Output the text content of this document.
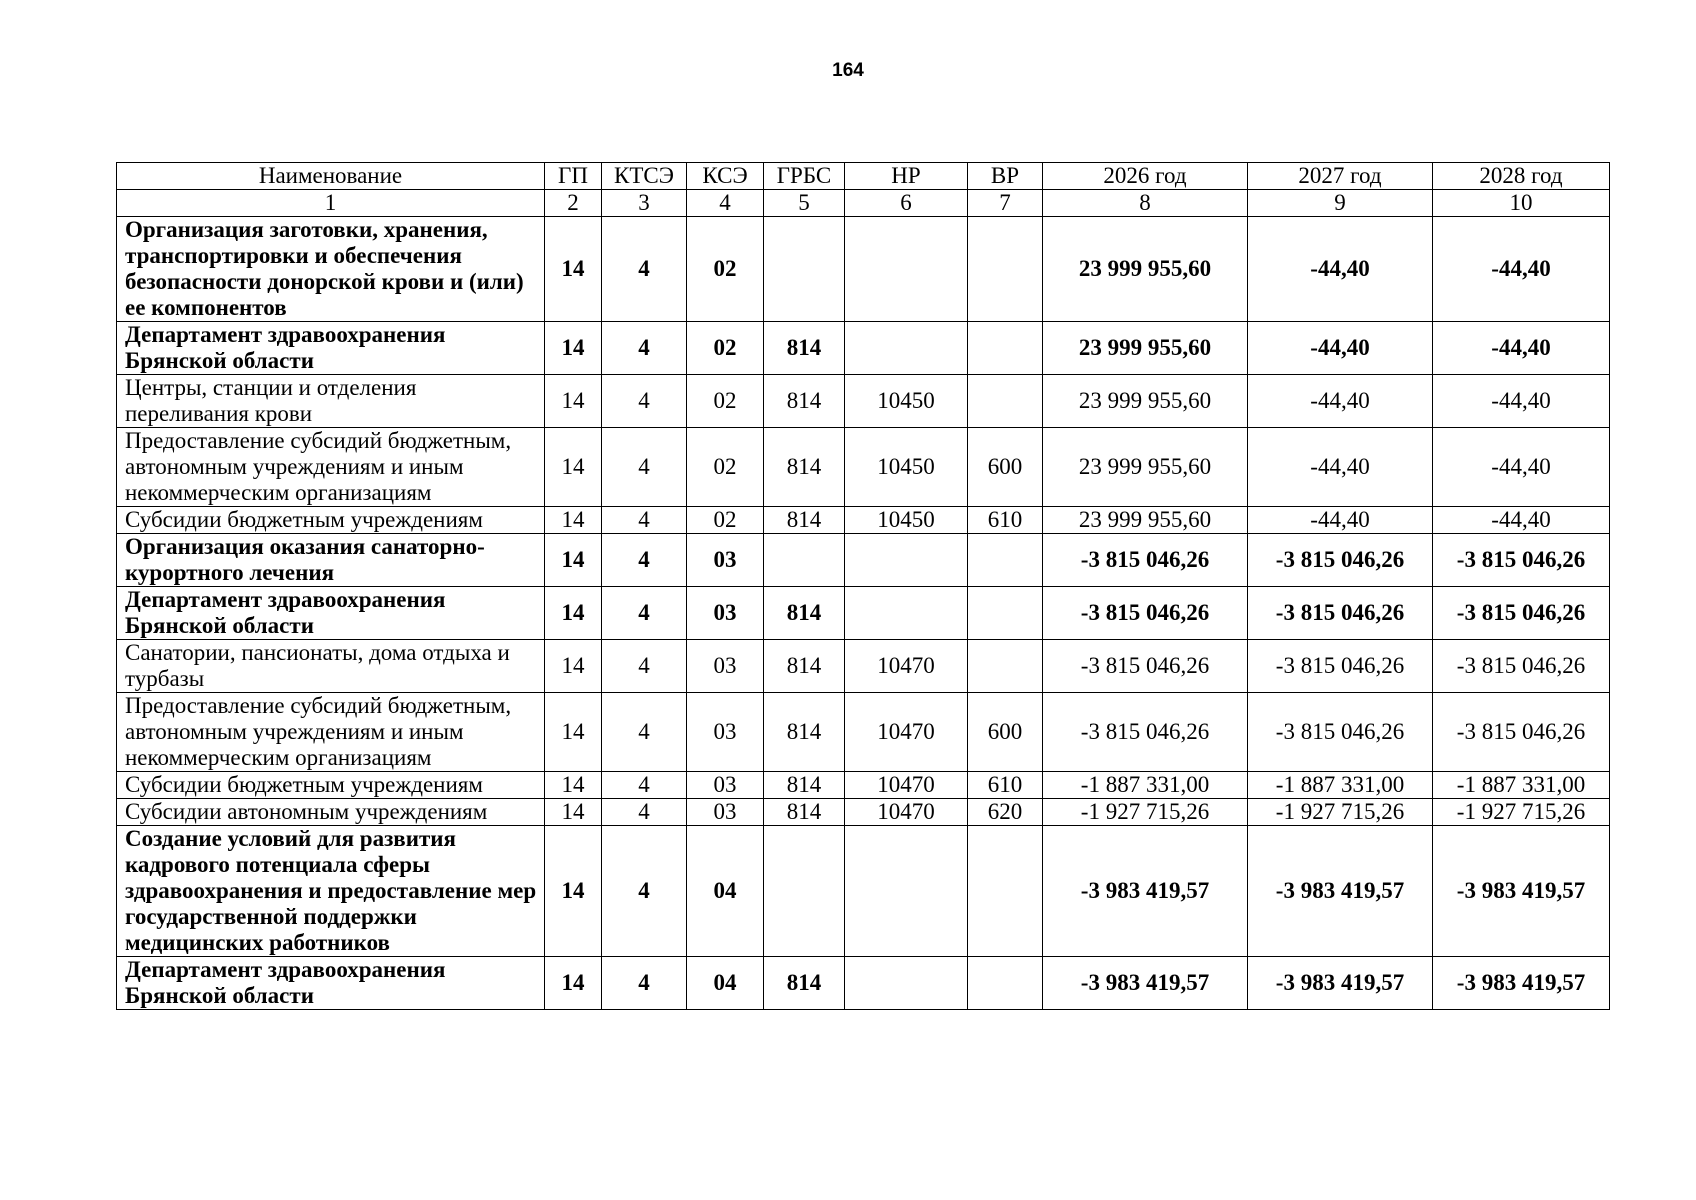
164
Наименование	ГП	КТСЭ	КСЭ	ГРБС	НР	ВР	2026 год	2027 год	2028 год
1	2	3	4	5	6	7	8	9	10
Организация заготовки, хранения, транспортировки и обеспечения безопасности донорской крови и (или) ее компонентов	14	4	02				23 999 955,60	-44,40	-44,40
Департамент здравоохранения Брянской области	14	4	02	814			23 999 955,60	-44,40	-44,40
Центры, станции и отделения переливания крови	14	4	02	814	10450		23 999 955,60	-44,40	-44,40
Предоставление субсидий бюджетным, автономным учреждениям и иным некоммерческим организациям	14	4	02	814	10450	600	23 999 955,60	-44,40	-44,40
Субсидии бюджетным учреждениям	14	4	02	814	10450	610	23 999 955,60	-44,40	-44,40
Организация оказания санаторно-курортного лечения	14	4	03				-3 815 046,26	-3 815 046,26	-3 815 046,26
Департамент здравоохранения Брянской области	14	4	03	814			-3 815 046,26	-3 815 046,26	-3 815 046,26
Санатории, пансионаты, дома отдыха и турбазы	14	4	03	814	10470		-3 815 046,26	-3 815 046,26	-3 815 046,26
Предоставление субсидий бюджетным, автономным учреждениям и иным некоммерческим организациям	14	4	03	814	10470	600	-3 815 046,26	-3 815 046,26	-3 815 046,26
Субсидии бюджетным учреждениям	14	4	03	814	10470	610	-1 887 331,00	-1 887 331,00	-1 887 331,00
Субсидии автономным учреждениям	14	4	03	814	10470	620	-1 927 715,26	-1 927 715,26	-1 927 715,26
Создание условий для развития кадрового потенциала сферы здравоохранения и предоставление мер государственной поддержки медицинских работников	14	4	04				-3 983 419,57	-3 983 419,57	-3 983 419,57
Департамент здравоохранения Брянской области	14	4	04	814			-3 983 419,57	-3 983 419,57	-3 983 419,57
